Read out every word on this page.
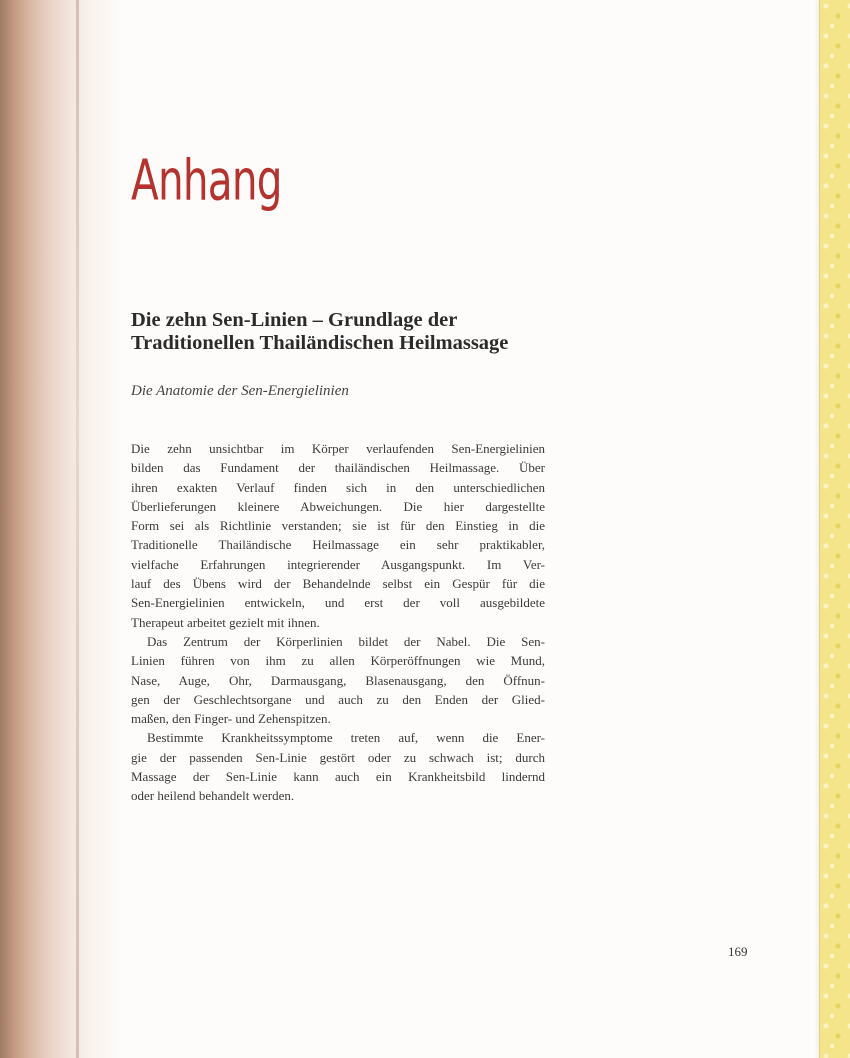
Anhang
Die zehn Sen-Linien – Grundlage der
Traditionellen Thailändischen Heilmassage

Die Anatomie der Sen-Energielinien

Die zehn unsichtbar im Körper verlaufenden Sen-Energielinien
bilden das Fundament der thailändischen Heilmassage. Über
ihren exakten Verlauf finden sich in den unterschiedlichen
Überlieferungen kleinere Abweichungen. Die hier dargestellte
Form sei als Richtlinie verstanden; sie ist für den Einstieg in die
Traditionelle Thailändische Heilmassage ein sehr praktikabler,
vielfache Erfahrungen integrierender Ausgangspunkt. Im Ver-
lauf des Übens wird der Behandelnde selbst ein Gespür für die
Sen-Energielinien entwickeln, und erst der voll ausgebildete
Therapeut arbeitet gezielt mit ihnen.
Das Zentrum der Körperlinien bildet der Nabel. Die Sen-
Linien führen von ihm zu allen Körperöffnungen wie Mund,
Nase, Auge, Ohr, Darmausgang, Blasenausgang, den Öffnun-
gen der Geschlechtsorgane und auch zu den Enden der Glied-
maßen, den Finger- und Zehenspitzen.
Bestimmte Krankheitssymptome treten auf, wenn die Ener-
gie der passenden Sen-Linie gestört oder zu schwach ist; durch
Massage der Sen-Linie kann auch ein Krankheitsbild lindernd
oder heilend behandelt werden.
169
